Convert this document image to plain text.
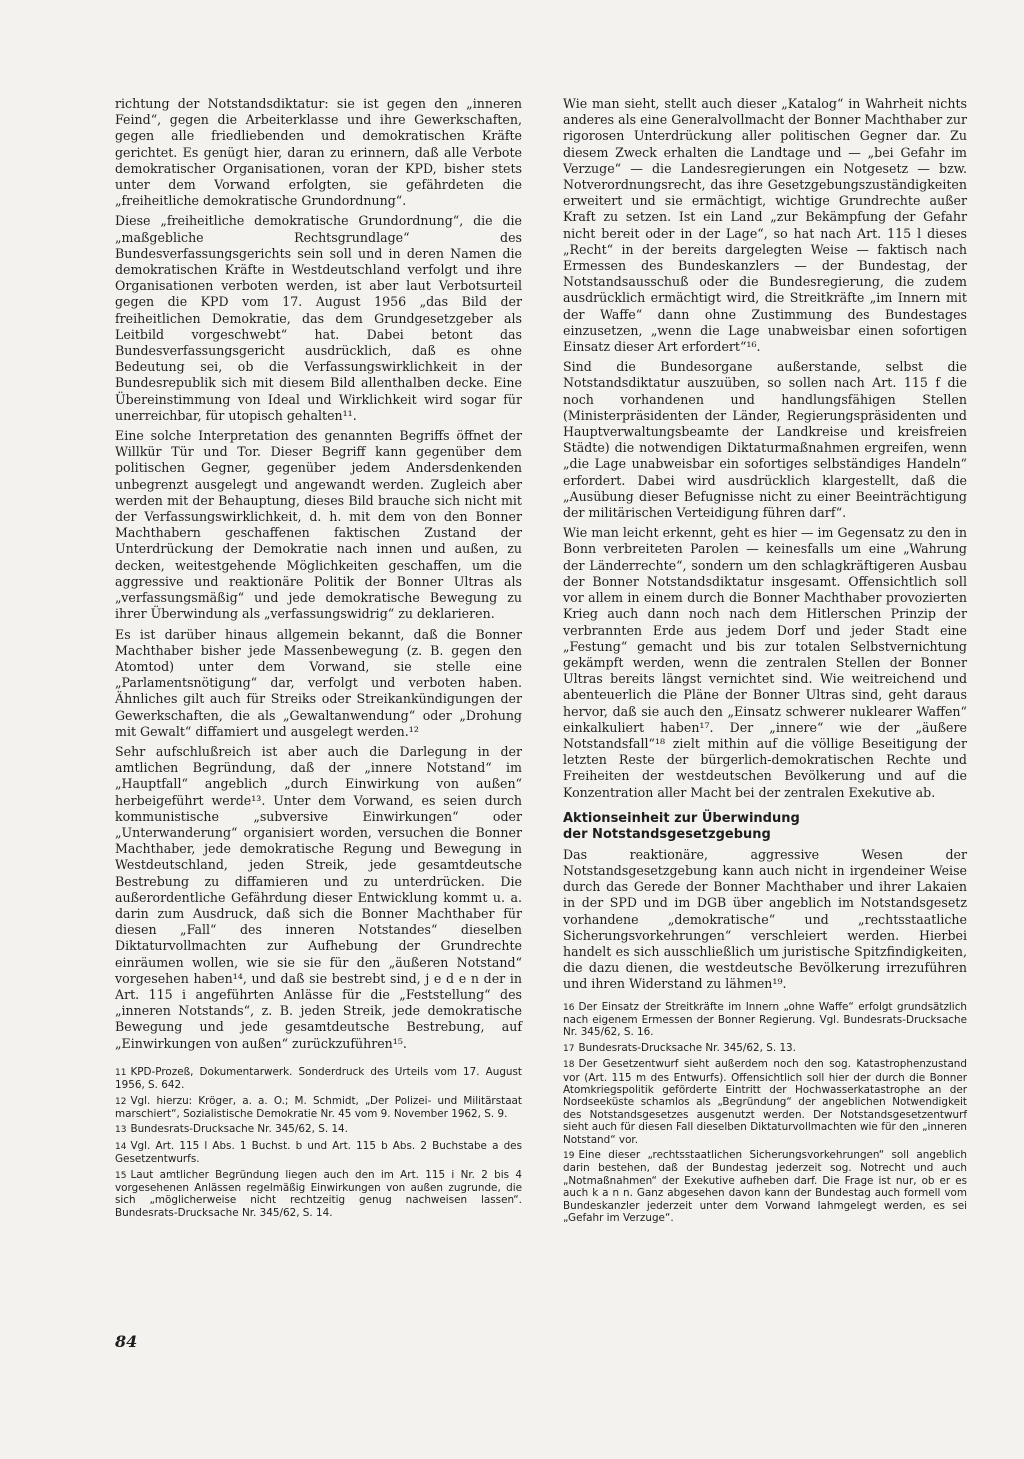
richtung der Notstandsdiktatur: sie ist gegen den „inneren Feind“, gegen die Arbeiterklasse und ihre Gewerkschaften, gegen alle friedliebenden und demokratischen Kräfte gerichtet. Es genügt hier, daran zu erinnern, daß alle Verbote demokratischer Organisationen, voran der KPD, bisher stets unter dem Vorwand erfolgten, sie gefährdeten die „freiheitliche demokratische Grundordnung“.

Diese „freiheitliche demokratische Grundordnung“, die die „maßgebliche Rechtsgrundlage“ des Bundesverfassungsgerichts sein soll und in deren Namen die demokratischen Kräfte in Westdeutschland verfolgt und ihre Organisationen verboten werden, ist aber laut Verbotsurteil gegen die KPD vom 17. August 1956 „das Bild der freiheitlichen Demokratie, das dem Grundgesetzgeber als Leitbild vorgeschwebt“ hat. Dabei betont das Bundesverfassungsgericht ausdrücklich, daß es ohne Bedeutung sei, ob die Verfassungswirklichkeit in der Bundesrepublik sich mit diesem Bild allenthalben decke. Eine Übereinstimmung von Ideal und Wirklichkeit wird sogar für unerreichbar, für utopisch gehalten¹¹.

Eine solche Interpretation des genannten Begriffs öffnet der Willkür Tür und Tor. Dieser Begriff kann gegenüber dem politischen Gegner, gegenüber jedem Andersdenkenden unbegrenzt ausgelegt und angewandt werden. Zugleich aber werden mit der Behauptung, dieses Bild brauche sich nicht mit der Verfassungswirklichkeit, d. h. mit dem von den Bonner Machthabern geschaffenen faktischen Zustand der Unterdrückung der Demokratie nach innen und außen, zu decken, weitestgehende Möglichkeiten geschaffen, um die aggressive und reaktionäre Politik der Bonner Ultras als „verfassungsmäßig“ und jede demokratische Bewegung zu ihrer Überwindung als „verfassungswidrig“ zu deklarieren.

Es ist darüber hinaus allgemein bekannt, daß die Bonner Machthaber bisher jede Massenbewegung (z. B. gegen den Atomtod) unter dem Vorwand, sie stelle eine „Parlamentsnötigung“ dar, verfolgt und verboten haben. Ähnliches gilt auch für Streiks oder Streikankündigungen der Gewerkschaften, die als „Gewaltanwendung“ oder „Drohung mit Gewalt“ diffamiert und ausgelegt werden.¹²

Sehr aufschlußreich ist aber auch die Darlegung in der amtlichen Begründung, daß der „innere Notstand“ im „Hauptfall“ angeblich „durch Einwirkung von außen“ herbeigeführt werde¹³. Unter dem Vorwand, es seien durch kommunistische „subversive Einwirkungen“ oder „Unterwanderung“ organisiert worden, versuchen die Bonner Machthaber, jede demokratische Regung und Bewegung in Westdeutschland, jeden Streik, jede gesamtdeutsche Bestrebung zu diffamieren und zu unterdrücken. Die außerordentliche Gefährdung dieser Entwicklung kommt u. a. darin zum Ausdruck, daß sich die Bonner Machthaber für diesen „Fall“ des inneren Notstandes“ dieselben Diktaturvollmachten zur Aufhebung der Grundrechte einräumen wollen, wie sie sie für den „äußeren Notstand“ vorgesehen haben¹⁴, und daß sie bestrebt sind, j e d e n der in Art. 115 i angeführten Anlässe für die „Feststellung“ des „inneren Notstands“, z. B. jeden Streik, jede demokratische Bewegung und jede gesamtdeutsche Bestrebung, auf „Einwirkungen von außen“ zurückzuführen¹⁵.

11 KPD-Prozeß, Dokumentarwerk. Sonderdruck des Urteils vom 17. August 1956, S. 642.

12 Vgl. hierzu: Kröger, a. a. O.; M. Schmidt, „Der Polizei- und Militärstaat marschiert“, Sozialistische Demokratie Nr. 45 vom 9. November 1962, S. 9.

13 Bundesrats-Drucksache Nr. 345/62, S. 14.

14 Vgl. Art. 115 l Abs. 1 Buchst. b und Art. 115 b Abs. 2 Buchstabe a des Gesetzentwurfs.

15 Laut amtlicher Begründung liegen auch den im Art. 115 i Nr. 2 bis 4 vorgesehenen Anlässen regelmäßig Einwirkungen von außen zugrunde, die sich „möglicherweise nicht rechtzeitig genug nachweisen lassen“. Bundesrats-Drucksache Nr. 345/62, S. 14.

Wie man sieht, stellt auch dieser „Katalog“ in Wahrheit nichts anderes als eine Generalvollmacht der Bonner Machthaber zur rigorosen Unterdrückung aller politischen Gegner dar. Zu diesem Zweck erhalten die Landtage und — „bei Gefahr im Verzuge“ — die Landesregierungen ein Notgesetz — bzw. Notverordnungsrecht, das ihre Gesetzgebungszuständigkeiten erweitert und sie ermächtigt, wichtige Grundrechte außer Kraft zu setzen. Ist ein Land „zur Bekämpfung der Gefahr nicht bereit oder in der Lage“, so hat nach Art. 115 l dieses „Recht“ in der bereits dargelegten Weise — faktisch nach Ermessen des Bundeskanzlers — der Bundestag, der Notstandsausschuß oder die Bundesregierung, die zudem ausdrücklich ermächtigt wird, die Streitkräfte „im Innern mit der Waffe“ dann ohne Zustimmung des Bundestages einzusetzen, „wenn die Lage unabweisbar einen sofortigen Einsatz dieser Art erfordert“¹⁶.

Sind die Bundesorgane außerstande, selbst die Notstandsdiktatur auszuüben, so sollen nach Art. 115 f die noch vorhandenen und handlungsfähigen Stellen (Ministerpräsidenten der Länder, Regierungspräsidenten und Hauptverwaltungsbeamte der Landkreise und kreisfreien Städte) die notwendigen Diktaturmaßnahmen ergreifen, wenn „die Lage unabweisbar ein sofortiges selbständiges Handeln“ erfordert. Dabei wird ausdrücklich klargestellt, daß die „Ausübung dieser Befugnisse nicht zu einer Beeinträchtigung der militärischen Verteidigung führen darf“.

Wie man leicht erkennt, geht es hier — im Gegensatz zu den in Bonn verbreiteten Parolen — keinesfalls um eine „Wahrung der Länderrechte“, sondern um den schlagkräftigeren Ausbau der Bonner Notstandsdiktatur insgesamt. Offensichtlich soll vor allem in einem durch die Bonner Machthaber provozierten Krieg auch dann noch nach dem Hitlerschen Prinzip der verbrannten Erde aus jedem Dorf und jeder Stadt eine „Festung“ gemacht und bis zur totalen Selbstvernichtung gekämpft werden, wenn die zentralen Stellen der Bonner Ultras bereits längst vernichtet sind. Wie weitreichend und abenteuerlich die Pläne der Bonner Ultras sind, geht daraus hervor, daß sie auch den „Einsatz schwerer nuklearer Waffen“ einkalkuliert haben¹⁷. Der „innere“ wie der „äußere Notstandsfall“¹⁸ zielt mithin auf die völlige Beseitigung der letzten Reste der bürgerlich-demokratischen Rechte und Freiheiten der westdeutschen Bevölkerung und auf die Konzentration aller Macht bei der zentralen Exekutive ab.

Aktionseinheit zur Überwindung
der Notstandsgesetzgebung

Das reaktionäre, aggressive Wesen der Notstandsgesetzgebung kann auch nicht in irgendeiner Weise durch das Gerede der Bonner Machthaber und ihrer Lakaien in der SPD und im DGB über angeblich im Notstandsgesetz vorhandene „demokratische“ und „rechtsstaatliche Sicherungsvorkehrungen“ verschleiert werden. Hierbei handelt es sich ausschließlich um juristische Spitzfindigkeiten, die dazu dienen, die westdeutsche Bevölkerung irrezuführen und ihren Widerstand zu lähmen¹⁹.

16 Der Einsatz der Streitkräfte im Innern „ohne Waffe“ erfolgt grundsätzlich nach eigenem Ermessen der Bonner Regierung. Vgl. Bundesrats-Drucksache Nr. 345/62, S. 16.

17 Bundesrats-Drucksache Nr. 345/62, S. 13.

18 Der Gesetzentwurf sieht außerdem noch den sog. Katastrophenzustand vor (Art. 115 m des Entwurfs). Offensichtlich soll hier der durch die Bonner Atomkriegspolitik geförderte Eintritt der Hochwasserkatastrophe an der Nordseeküste schamlos als „Begründung“ der angeblichen Notwendigkeit des Notstandsgesetzes ausgenutzt werden. Der Notstandsgesetzentwurf sieht auch für diesen Fall dieselben Diktaturvollmachten wie für den „inneren Notstand“ vor.

19 Eine dieser „rechtsstaatlichen Sicherungsvorkehrungen“ soll angeblich darin bestehen, daß der Bundestag jederzeit sog. Notrecht und auch „Notmaßnahmen“ der Exekutive aufheben darf. Die Frage ist nur, ob er es auch k a n n. Ganz abgesehen davon kann der Bundestag auch formell vom Bundeskanzler jederzeit unter dem Vorwand lahmgelegt werden, es sei „Gefahr im Verzuge“.

84
